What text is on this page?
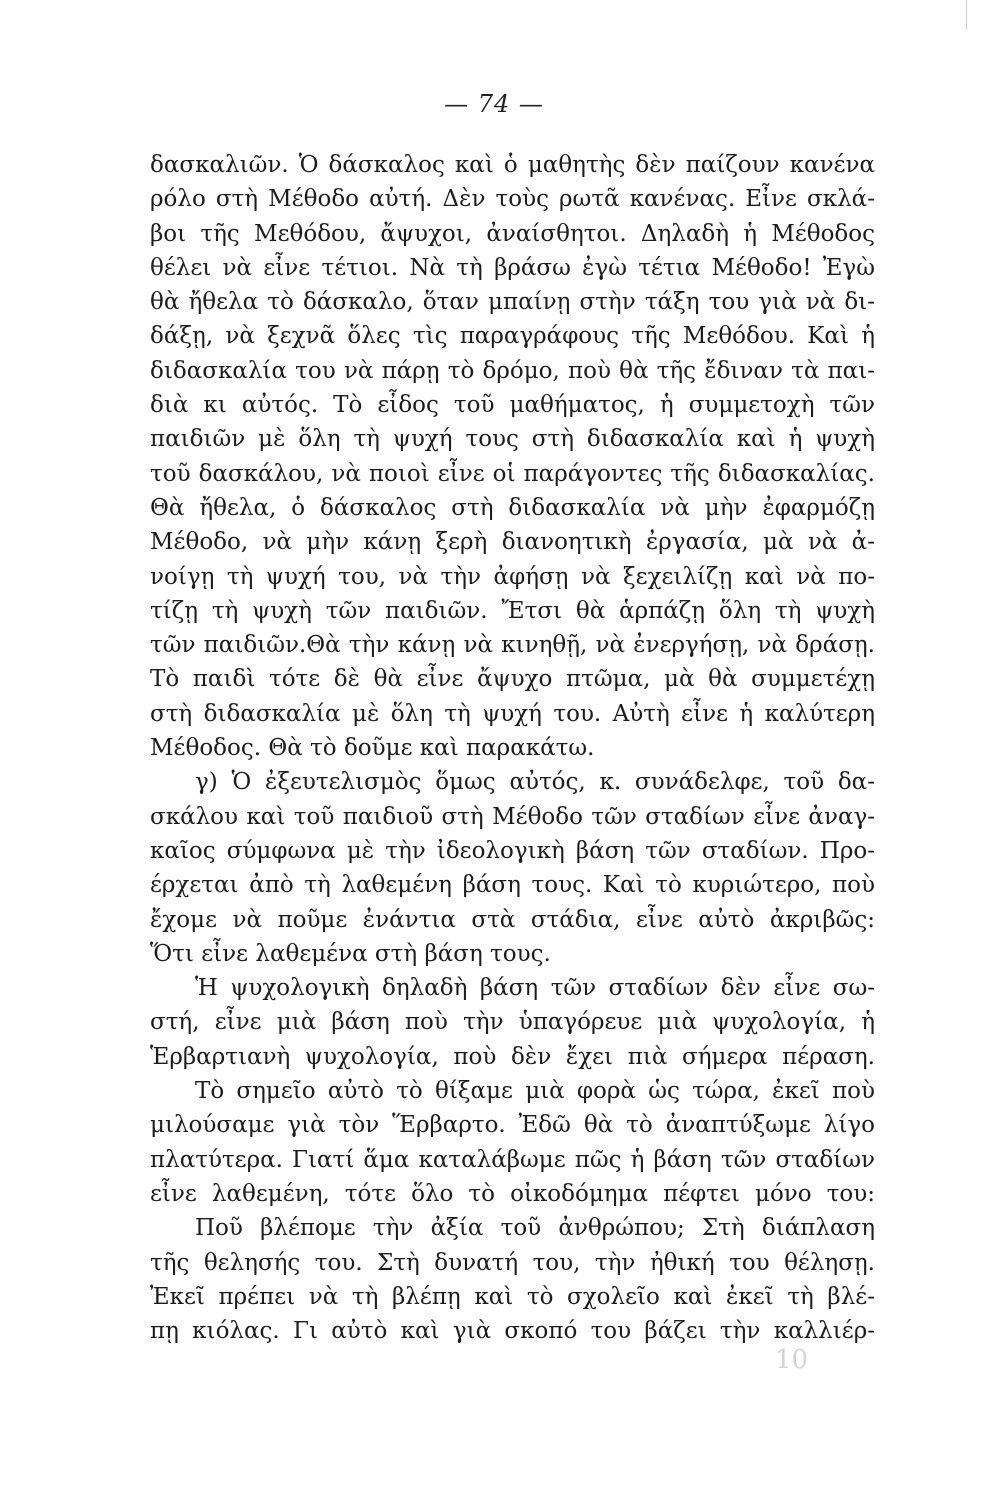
— 74 —
δασκαλιῶν. Ὁ δάσκαλος καὶ ὁ μαθητὴς δὲν παίζουν κανένα
ρόλο στὴ Μέθοδο αὐτή. Δὲν τοὺς ρωτᾶ κανένας. Εἶνε σκλά-
βοι τῆς Μεθόδου, ἄψυχοι, ἀναίσθητοι. Δηλαδὴ ἡ Μέθοδος
θέλει νὰ εἶνε τέτιοι. Νὰ τὴ βράσω ἐγὼ τέτια Μέθοδο! Ἐγὼ
θὰ ἤθελα τὸ δάσκαλο, ὅταν μπαίνῃ στὴν τάξη του γιὰ νὰ δι-
δάξῃ, νὰ ξεχνᾶ ὅλες τὶς παραγράφους τῆς Μεθόδου. Καὶ ἡ
διδασκαλία του νὰ πάρῃ τὸ δρόμο, ποὺ θὰ τῆς ἔδιναν τὰ παι-
διὰ κι αὐτός. Τὸ εἶδος τοῦ μαθήματος, ἡ συμμετοχὴ τῶν
παιδιῶν μὲ ὅλη τὴ ψυχή τους στὴ διδασκαλία καὶ ἡ ψυχὴ
τοῦ δασκάλου, νὰ ποιοὶ εἶνε οἱ παράγοντες τῆς διδασκαλίας.
Θὰ ἤθελα, ὁ δάσκαλος στὴ διδασκαλία νὰ μὴν ἐφαρμόζῃ
Μέθοδο, νὰ μὴν κάνῃ ξερὴ διανοητικὴ ἐργασία, μὰ νὰ ἀ-
νοίγῃ τὴ ψυχή του, νὰ τὴν ἀφήσῃ νὰ ξεχειλίζῃ καὶ νὰ πο-
τίζῃ τὴ ψυχὴ τῶν παιδιῶν. Ἔτσι θὰ ἁρπάζῃ ὅλη τὴ ψυχὴ
τῶν παιδιῶν.Θὰ τὴν κάνῃ νὰ κινηθῇ, νὰ ἐνεργήσῃ, νὰ δράσῃ.
Τὸ παιδὶ τότε δὲ θὰ εἶνε ἄψυχο πτῶμα, μὰ θὰ συμμετέχῃ
στὴ διδασκαλία μὲ ὅλη τὴ ψυχή του. Αὐτὴ εἶνε ἡ καλύτερη
Μέθοδος. Θὰ τὸ δοῦμε καὶ παρακάτω.
γ) Ὁ ἐξευτελισμὸς ὅμως αὐτός, κ. συνάδελφε, τοῦ δα-
σκάλου καὶ τοῦ παιδιοῦ στὴ Μέθοδο τῶν σταδίων εἶνε ἀναγ-
καῖος σύμφωνα μὲ τὴν ἰδεολογικὴ βάση τῶν σταδίων. Προ-
έρχεται ἀπὸ τὴ λαθεμένη βάση τους. Καὶ τὸ κυριώτερο, ποὺ
ἔχομε νὰ ποῦμε ἐνάντια στὰ στάδια, εἶνε αὐτὸ ἀκριβῶς:
Ὅτι εἶνε λαθεμένα στὴ βάση τους.
Ἡ ψυχολογικὴ δηλαδὴ βάση τῶν σταδίων δὲν εἶνε σω-
στή, εἶνε μιὰ βάση ποὺ τὴν ὑπαγόρευε μιὰ ψυχολογία, ἡ
Ἑρβαρτιανὴ ψυχολογία, ποὺ δὲν ἔχει πιὰ σήμερα πέραση.
Τὸ σημεῖο αὐτὸ τὸ θίξαμε μιὰ φορὰ ὡς τώρα, ἐκεῖ ποὺ
μιλούσαμε γιὰ τὸν Ἕρβαρτο. Ἐδῶ θὰ τὸ ἀναπτύξωμε λίγο
πλατύτερα. Γιατί ἅμα καταλάβωμε πῶς ἡ βάση τῶν σταδίων
εἶνε λαθεμένη, τότε ὅλο τὸ οἰκοδόμημα πέφτει μόνο του:
Ποῦ βλέπομε τὴν ἀξία τοῦ ἀνθρώπου; Στὴ διάπλαση
τῆς θελησής του. Στὴ δυνατή του, τὴν ἠθική του θέλησῃ.
Ἐκεῖ πρέπει νὰ τὴ βλέπῃ καὶ τὸ σχολεῖο καὶ ἐκεῖ τὴ βλέ-
πῃ κιόλας. Γι αὐτὸ καὶ γιὰ σκοπό του βάζει τὴν καλλιέρ-
10
